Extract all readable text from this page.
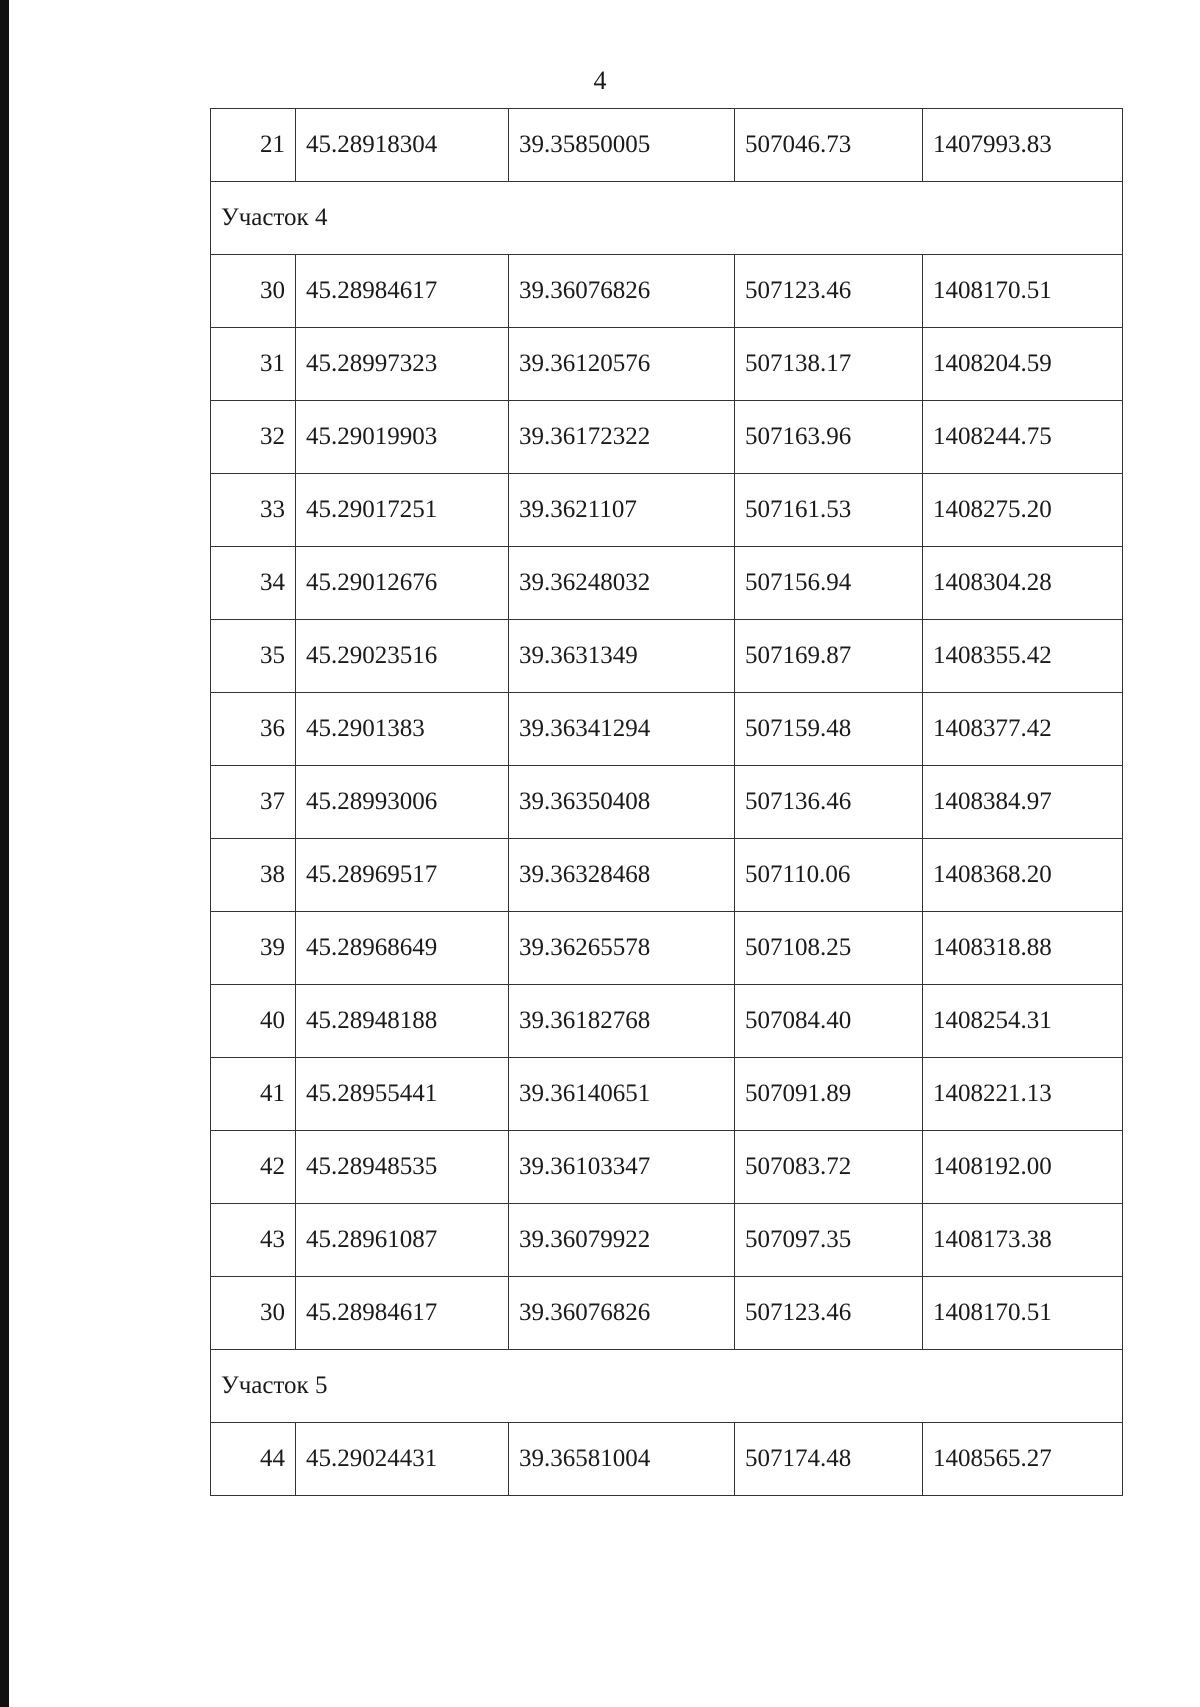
4
21	45.28918304	39.35850005	507046.73	1407993.83
Участок 4				
30	45.28984617	39.36076826	507123.46	1408170.51
31	45.28997323	39.36120576	507138.17	1408204.59
32	45.29019903	39.36172322	507163.96	1408244.75
33	45.29017251	39.3621107	507161.53	1408275.20
34	45.29012676	39.36248032	507156.94	1408304.28
35	45.29023516	39.3631349	507169.87	1408355.42
36	45.2901383	39.36341294	507159.48	1408377.42
37	45.28993006	39.36350408	507136.46	1408384.97
38	45.28969517	39.36328468	507110.06	1408368.20
39	45.28968649	39.36265578	507108.25	1408318.88
40	45.28948188	39.36182768	507084.40	1408254.31
41	45.28955441	39.36140651	507091.89	1408221.13
42	45.28948535	39.36103347	507083.72	1408192.00
43	45.28961087	39.36079922	507097.35	1408173.38
30	45.28984617	39.36076826	507123.46	1408170.51
Участок 5				
44	45.29024431	39.36581004	507174.48	1408565.27
